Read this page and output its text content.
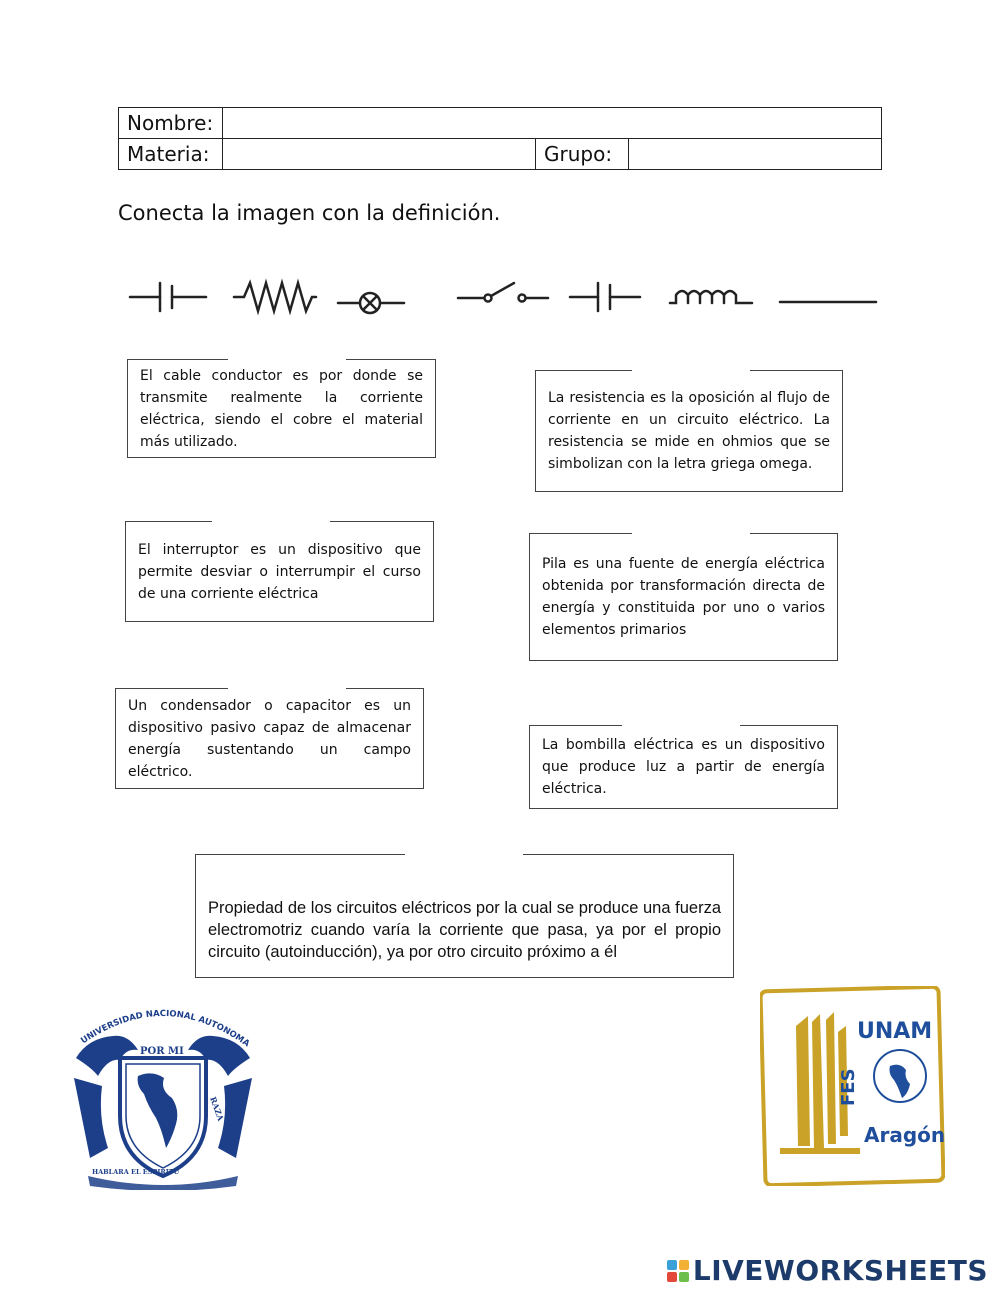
Nombre:			
Materia:		Grupo:	
Conecta la imagen con la definición.

El cable conductor es por donde se transmite realmente la corriente eléctrica, siendo el cobre el material más utilizado.

La resistencia es la oposición al flujo de corriente en un circuito eléctrico. La resistencia se mide en ohmios que se simbolizan con la letra griega omega.

El interruptor es un dispositivo que permite desviar o interrumpir el curso de una corriente eléctrica

Pila es una fuente de energía eléctrica obtenida por transformación directa de energía y constituida por uno o varios elementos primarios

Un condensador o capacitor es un dispositivo pasivo capaz de almacenar energía sustentando un campo eléctrico.

La bombilla eléctrica es un dispositivo que produce luz a partir de energía eléctrica.

Propiedad de los circuitos eléctricos por la cual se produce una fuerza electromotriz cuando varía la corriente que pasa, ya por el propio circuito (autoinducción), ya por otro circuito próximo a él

UNIVERSIDAD NACIONAL AUTONOMA
POR MI
RAZA
HABLARA EL ESPIRITU
UNAM
FES
Aragón
LIVEWORKSHEETS
